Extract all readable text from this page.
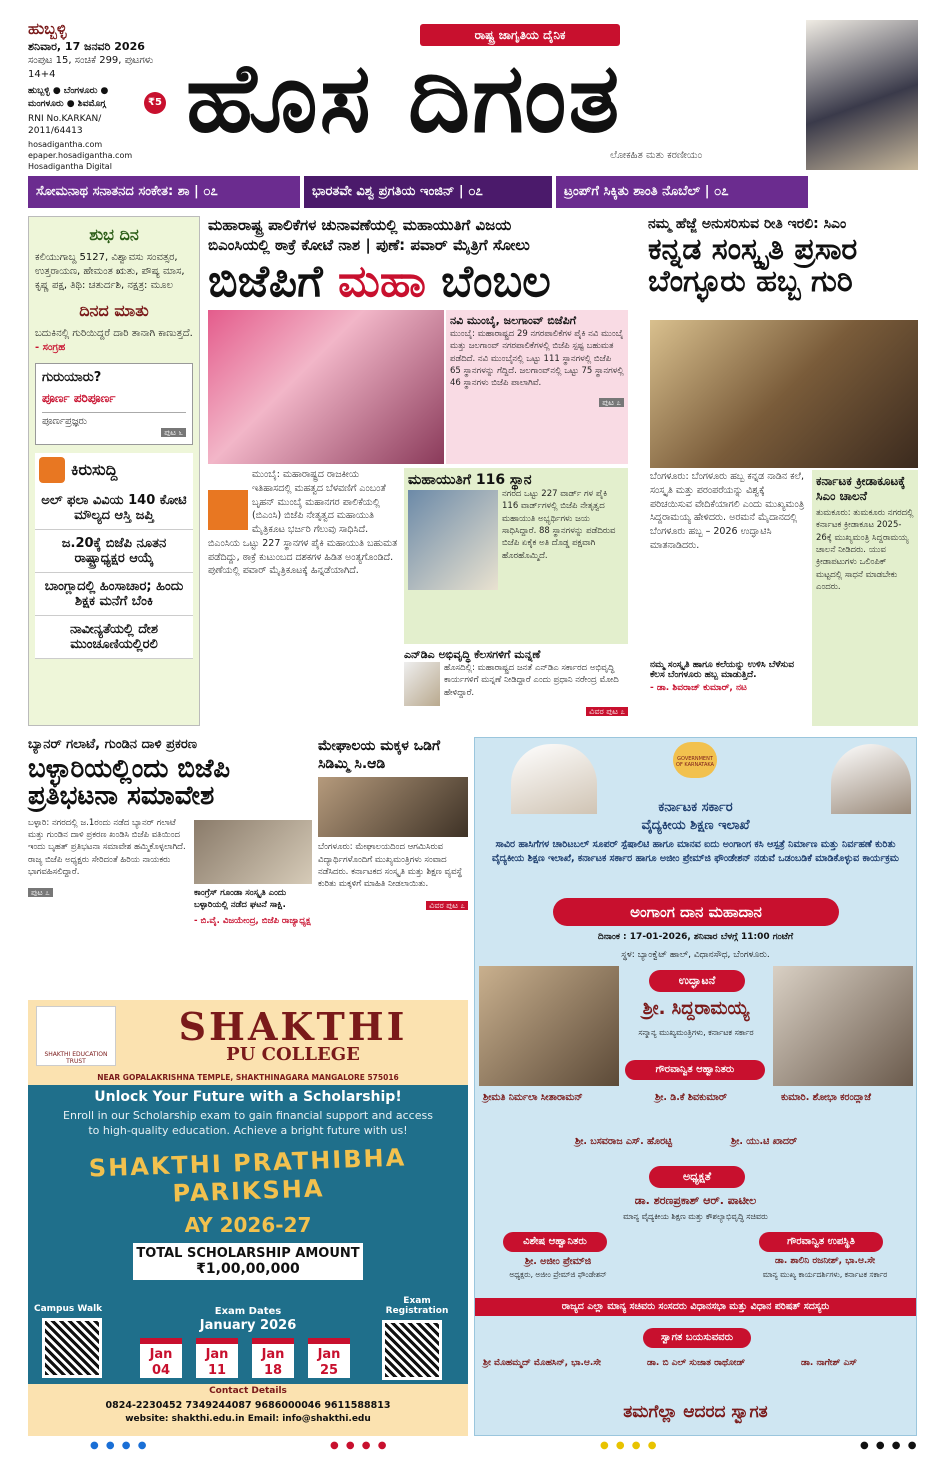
ಹುಬ್ಬಳ್ಳಿ
ಶನಿವಾರ, 17 ಜನವರಿ 2026
ಸಂಪುಟ 15, ಸಂಚಿಕೆ 299, ಪುಟಗಳು 14+4
ಹುಬ್ಬಳ್ಳಿ ● ಬೆಂಗಳೂರು ● ಮಂಗಳೂರು ● ಶಿವಮೊಗ್ಗ
RNI No.KARKAN/ 2011/64413
hosadigantha.com
epaper.hosadigantha.com
Hosadigantha Digital
₹5
ರಾಷ್ಟ್ರ ಜಾಗೃತಿಯ ದೈನಿಕ
ಹೊಸ ದಿಗತ
ಲೋಕಹಿತ ಮತು ಕರಣೀಯಂ
ಸೋಮನಾಥ ಸನಾತನದ ಸಂಕೇತ: ಶಾ | ೦೭	ಭಾರತವೇ ವಿಶ್ವ ಪ್ರಗತಿಯ ಇಂಜಿನ್ | ೦೭	ಟ್ರಂಪ್‌ಗೆ ಸಿಕ್ಕಿತು ಶಾಂತಿ ನೊಬೆಲ್ | ೦೭
ಶುಭ ದಿನ

ಕಲಿಯುಗಾಬ್ದ 5127, ವಿಶ್ವಾವಸು ಸಂವತ್ಸರ, ಉತ್ತರಾಯಣ, ಹೇಮಂತ ಋತು, ಪೌಷ್ಯ ಮಾಸ, ಕೃಷ್ಣ ಪಕ್ಷ, ತಿಥಿ: ಚತುರ್ದಶಿ, ನಕ್ಷತ್ರ: ಮೂಲ

ದಿನದ ಮಾತು

ಬದುಕಿನಲ್ಲಿ ಗುರಿಯಿದ್ದರೆ ದಾರಿ ತಾನಾಗಿ ಕಾಣುತ್ತದೆ.

- ಸಂಗ್ರಹ

ಗುರುಯಾರು?
ಪೂರ್ಣ ಪರಿಪೂರ್ಣ
ಪೂರ್ಣಪ್ರಜ್ಞರು
ಪುಟ ೬
ಕಿರುಸುದ್ದಿ
ಅಲ್ ಫಲಾ ವಿವಿಯ 140 ಕೋಟಿ ಮೌಲ್ಯದ ಆಸ್ತಿ ಜಪ್ತಿ
ಜ.20ಕ್ಕೆ ಬಿಜೆಪಿ ನೂತನ ರಾಷ್ಟ್ರಾಧ್ಯಕ್ಷರ ಆಯ್ಕೆ
ಬಾಂಗ್ಲಾದಲ್ಲಿ ಹಿಂಸಾಚಾರ; ಹಿಂದು ಶಿಕ್ಷಕ ಮನೆಗೆ ಬೆಂಕಿ
ನಾವೀನ್ಯತೆಯಲ್ಲಿ ದೇಶ ಮುಂಚೂಣಿಯಲ್ಲಿರಲಿ
ಮಹಾರಾಷ್ಟ್ರ ಪಾಲಿಕೆಗಳ ಚುನಾವಣೆಯಲ್ಲಿ ಮಹಾಯುತಿಗೆ ವಿಜಯ
ಬಿಎಂಸಿಯಲ್ಲಿ ಠಾಕ್ರೆ ಕೋಟೆ ನಾಶ | ಪುಣೆ: ಪವಾರ್ ಮೈತ್ರಿಗೆ ಸೋಲು
ಬಿಜೆಪಿಗೆ ಮಹಾ ಬೆಂಬಲ
ನವಿ ಮುಂಬೈ, ಜಲಗಾಂವ್ ಬಿಜೆಪಿಗೆ
ಮುಂಬೈ: ಮಹಾರಾಷ್ಟ್ರದ 29 ನಗರಪಾಲಿಕೆಗಳ ಪೈಕಿ ನವಿ ಮುಂಬೈ ಮತ್ತು ಜಲಗಾಂವ್ ನಗರಪಾಲಿಕೆಗಳಲ್ಲಿ ಬಿಜೆಪಿ ಸ್ಪಷ್ಟ ಬಹುಮತ ಪಡೆದಿದೆ. ನವಿ ಮುಂಬೈನಲ್ಲಿ ಒಟ್ಟು 111 ಸ್ಥಾನಗಳಲ್ಲಿ ಬಿಜೆಪಿ 65 ಸ್ಥಾನಗಳನ್ನು ಗೆದ್ದಿದೆ. ಜಲಗಾಂವ್‌ನಲ್ಲಿ ಒಟ್ಟು 75 ಸ್ಥಾನಗಳಲ್ಲಿ 46 ಸ್ಥಾನಗಳು ಬಿಜೆಪಿ ಪಾಲಾಗಿವೆ.
ಪುಟ ೭
ಮುಂಬೈ: ಮಹಾರಾಷ್ಟ್ರದ ರಾಜಕೀಯ ಇತಿಹಾಸದಲ್ಲಿ ಮಹತ್ವದ ಬೆಳವಣಿಗೆ ಎಂಬಂತೆ ಬೃಹನ್ ಮುಂಬೈ ಮಹಾನಗರ ಪಾಲಿಕೆಯಲ್ಲಿ (ಬಿಎಂಸಿ) ಬಿಜೆಪಿ ನೇತೃತ್ವದ ಮಹಾಯುತಿ ಮೈತ್ರಿಕೂಟ ಭರ್ಜರಿ ಗೆಲುವು ಸಾಧಿಸಿದೆ. ಬಿಎಂಸಿಯ ಒಟ್ಟು 227 ಸ್ಥಾನಗಳ ಪೈಕಿ ಮಹಾಯುತಿ ಬಹುಮತ ಪಡೆದಿದ್ದು, ಠಾಕ್ರೆ ಕುಟುಂಬದ ದಶಕಗಳ ಹಿಡಿತ ಅಂತ್ಯಗೊಂಡಿದೆ. ಪುಣೆಯಲ್ಲಿ ಪವಾರ್ ಮೈತ್ರಿಕೂಟಕ್ಕೆ ಹಿನ್ನಡೆಯಾಗಿದೆ.
ಮಹಾಯುತಿಗೆ 116 ಸ್ಥಾನ
ನಗರದ ಒಟ್ಟು 227 ವಾರ್ಡ್ ಗಳ ಪೈಕಿ 116 ವಾರ್ಡ್‌ಗಳಲ್ಲಿ ಬಿಜೆಪಿ ನೇತೃತ್ವದ ಮಹಾಯುತಿ ಅಭ್ಯರ್ಥಿಗಳು ಜಯ ಸಾಧಿಸಿದ್ದಾರೆ. 88 ಸ್ಥಾನಗಳನ್ನು ಪಡೆದಿರುವ ಬಿಜೆಪಿ ಏಕೈಕ ಅತಿ ದೊಡ್ಡ ಪಕ್ಷವಾಗಿ ಹೊರಹೊಮ್ಮಿದೆ.
ಎನ್‌ಡಿಎ ಅಭಿವೃದ್ಧಿ ಕೆಲಸಗಳಿಗೆ ಮನ್ನಣೆ
ಹೊಸದಿಲ್ಲಿ: ಮಹಾರಾಷ್ಟ್ರದ ಜನತೆ ಎನ್‌ಡಿಎ ಸರ್ಕಾರದ ಅಭಿವೃದ್ಧಿ ಕಾರ್ಯಗಳಿಗೆ ಮನ್ನಣೆ ನೀಡಿದ್ದಾರೆ ಎಂದು ಪ್ರಧಾನಿ ನರೇಂದ್ರ ಮೋದಿ ಹೇಳಿದ್ದಾರೆ.
ವಿವರ ಪುಟ ೭
ನಮ್ಮ ಹೆಜ್ಜೆ ಅನುಸರಿಸುವ ರೀತಿ ಇರಲಿ: ಸಿಎಂ
ಕನ್ನಡ ಸಂಸ್ಕೃತಿ ಪ್ರಸಾರ
ಬೆಂಗ್ಳೂರು ಹಬ್ಬ ಗುರಿ
ಬೆಂಗಳೂರು: ಬೆಂಗಳೂರು ಹಬ್ಬ ಕನ್ನಡ ನಾಡಿನ ಕಲೆ, ಸಂಸ್ಕೃತಿ ಮತ್ತು ಪರಂಪರೆಯನ್ನು ವಿಶ್ವಕ್ಕೆ ಪರಿಚಯಿಸುವ ವೇದಿಕೆಯಾಗಲಿ ಎಂದು ಮುಖ್ಯಮಂತ್ರಿ ಸಿದ್ದರಾಮಯ್ಯ ಹೇಳಿದರು. ಅರಮನೆ ಮೈದಾನದಲ್ಲಿ ಬೆಂಗಳೂರು ಹಬ್ಬ – 2026 ಉದ್ಘಾಟಿಸಿ ಮಾತನಾಡಿದರು.
ನಮ್ಮ ಸಂಸ್ಕೃತಿ ಹಾಗೂ ಕಲೆಯನ್ನು ಉಳಿಸಿ ಬೆಳೆಸುವ ಕೆಲಸ ಬೆಂಗಳೂರು ಹಬ್ಬ ಮಾಡುತ್ತಿದೆ.
- ಡಾ. ಶಿವರಾಜ್ ಕುಮಾರ್, ನಟ
ಕರ್ನಾಟಕ ಕ್ರೀಡಾಕೂಟಕ್ಕೆ ಸಿಎಂ ಚಾಲನೆ
ತುಮಕೂರು: ತುಮಕೂರು ನಗರದಲ್ಲಿ ಕರ್ನಾಟಕ ಕ್ರೀಡಾಕೂಟ 2025-26ಕ್ಕೆ ಮುಖ್ಯಮಂತ್ರಿ ಸಿದ್ದರಾಮಯ್ಯ ಚಾಲನೆ ನೀಡಿದರು. ಯುವ ಕ್ರೀಡಾಪಟುಗಳು ಒಲಿಂಪಿಕ್ ಮಟ್ಟದಲ್ಲಿ ಸಾಧನೆ ಮಾಡಬೇಕು ಎಂದರು.
ಬ್ಯಾನರ್ ಗಲಾಟೆ, ಗುಂಡಿನ ದಾಳಿ ಪ್ರಕರಣ
ಬಳ್ಳಾರಿಯಲ್ಲಿಂದು ಬಿಜೆಪಿ ಪ್ರತಿಭಟನಾ ಸಮಾವೇಶ
ಬಳ್ಳಾರಿ: ನಗರದಲ್ಲಿ ಜ.1ರಂದು ನಡೆದ ಬ್ಯಾನರ್ ಗಲಾಟೆ ಮತ್ತು ಗುಂಡಿನ ದಾಳಿ ಪ್ರಕರಣ ಖಂಡಿಸಿ ಬಿಜೆಪಿ ವತಿಯಿಂದ ಇಂದು ಬೃಹತ್ ಪ್ರತಿಭಟನಾ ಸಮಾವೇಶ ಹಮ್ಮಿಕೊಳ್ಳಲಾಗಿದೆ. ರಾಜ್ಯ ಬಿಜೆಪಿ ಅಧ್ಯಕ್ಷರು ಸೇರಿದಂತೆ ಹಿರಿಯ ನಾಯಕರು ಭಾಗವಹಿಸಲಿದ್ದಾರೆ.
ಪುಟ ೭	ಕಾಂಗ್ರೆಸ್ ಗೂಂಡಾ ಸಂಸ್ಕೃತಿ ಎಂದು ಬಳ್ಳಾರಿಯಲ್ಲಿ ನಡೆದ ಘಟನೆ ಸಾಕ್ಷಿ.
- ಬಿ.ವೈ. ವಿಜಯೇಂದ್ರ, ಬಿಜೆಪಿ ರಾಜ್ಯಾಧ್ಯಕ್ಷ
ಮೇಘಾಲಯ ಮಕ್ಕಳ ಒಡಿಗೆ ಸಿಡಿಮ್ಮಿ ಸಿ.ಆಡಿ
ಬೆಂಗಳೂರು: ಮೇಘಾಲಯದಿಂದ ಆಗಮಿಸಿರುವ ವಿದ್ಯಾರ್ಥಿಗಳೊಂದಿಗೆ ಮುಖ್ಯಮಂತ್ರಿಗಳು ಸಂವಾದ ನಡೆಸಿದರು. ಕರ್ನಾಟಕದ ಸಂಸ್ಕೃತಿ ಮತ್ತು ಶಿಕ್ಷಣ ವ್ಯವಸ್ಥೆ ಕುರಿತು ಮಕ್ಕಳಿಗೆ ಮಾಹಿತಿ ನೀಡಲಾಯಿತು.
ವಿವರ ಪುಟ ೭
GOVERNMENT OF KARNATAKA
ಕರ್ನಾಟಕ ಸರ್ಕಾರ
ವೈದ್ಯಕೀಯ ಶಿಕ್ಷಣ ಇಲಾಖೆ
ಸಾವಿರ ಹಾಸಿಗೆಗಳ ಚಾರಿಟಬಲ್ ಸೂಪರ್ ಸ್ಪೆಷಾಲಿಟಿ ಹಾಗೂ ಮಾನವ ಐದು ಅಂಗಾಂಗ ಕಸಿ ಆಸ್ಪತ್ರೆ ನಿರ್ಮಾಣ ಮತ್ತು ನಿರ್ವಹಣೆ ಕುರಿತು ವೈದ್ಯಕೀಯ ಶಿಕ್ಷಣ ಇಲಾಖೆ, ಕರ್ನಾಟಕ ಸರ್ಕಾರ ಹಾಗೂ ಅಜೀಂ ಪ್ರೇಮ್‌ಜಿ ಫೌಂಡೇಶನ್ ನಡುವೆ ಒಡಂಬಡಿಕೆ ಮಾಡಿಕೊಳ್ಳುವ ಕಾರ್ಯಕ್ರಮ
ಅಂಗಾಂಗ ದಾನ ಮಹಾದಾನ
ದಿನಾಂಕ : 17-01-2026, ಶನಿವಾರ ಬೆಳಗ್ಗೆ 11:00 ಗಂಟೆಗೆ
ಸ್ಥಳ: ಬ್ಯಾಂಕ್ವೆಟ್ ಹಾಲ್, ವಿಧಾನಸೌಧ, ಬೆಂಗಳೂರು.
ಉದ್ಘಾಟನೆ
ಶ್ರೀ. ಸಿದ್ದರಾಮಯ್ಯ
ಸನ್ಮಾನ್ಯ ಮುಖ್ಯಮಂತ್ರಿಗಳು, ಕರ್ನಾಟಕ ಸರ್ಕಾರ
ಗೌರವಾನ್ವಿತ ಆಹ್ವಾನಿತರು
ಶ್ರೀಮತಿ ನಿರ್ಮಲಾ ಸೀತಾರಾಮನ್	ಶ್ರೀ. ಡಿ.ಕೆ ಶಿವಕುಮಾರ್	ಕುಮಾರಿ. ಶೋಭಾ ಕರಂದ್ಲಾಜೆ
ಶ್ರೀ. ಬಸವರಾಜ ಎಸ್. ಹೊರಟ್ಟಿ	ಶ್ರೀ. ಯು.ಟಿ ಖಾದರ್
ಅಧ್ಯಕ್ಷತೆ
ಡಾ. ಶರಣಪ್ರಕಾಶ್ ಆರ್. ಪಾಟೀಲ
ಮಾನ್ಯ ವೈದ್ಯಕೀಯ ಶಿಕ್ಷಣ ಮತ್ತು ಕೌಶಲ್ಯಾಭಿವೃದ್ಧಿ ಸಚಿವರು
ವಿಶೇಷ ಆಹ್ವಾನಿತರು
ಶ್ರೀ. ಅಜೀಂ ಪ್ರೇಮ್‌ಜಿ
ಅಧ್ಯಕ್ಷರು, ಅಜೀಂ ಪ್ರೇಮ್‌ಜಿ ಫೌಂಡೇಶನ್
ಗೌರವಾನ್ವಿತ ಉಪಸ್ಥಿತಿ
ಡಾ. ಶಾಲಿನಿ ರಜನೀಶ್, ಭಾ.ಆ.ಸೇ
ಮಾನ್ಯ ಮುಖ್ಯ ಕಾರ್ಯದರ್ಶಿಗಳು, ಕರ್ನಾಟಕ ಸರ್ಕಾರ
ರಾಜ್ಯದ ಎಲ್ಲಾ ಮಾನ್ಯ ಸಚಿವರು ಸಂಸದರು ವಿಧಾನಸಭಾ ಮತ್ತು ವಿಧಾನ ಪರಿಷತ್ ಸದಸ್ಯರು
ಸ್ವಾಗತ ಬಯಸುವವರು
ಶ್ರೀ ಮೊಹಮ್ಮದ್ ಮೊಹಸಿನ್, ಭಾ.ಆ.ಸೇ	ಡಾ. ಬಿ ಎಲ್ ಸುಜಾತ ರಾಥೋಡ್	ಡಾ. ನಾಗೇಶ್ ಎಸ್
ತಮಗೆಲ್ಲಾ ಆದರದ ಸ್ವಾಗತ
SHAKTHI EDUCATION TRUST
SHAKTHI
PU COLLEGE
NEAR GOPALAKRISHNA TEMPLE, SHAKTHINAGARA MANGALORE 575016
Unlock Your Future with a Scholarship!
Enroll in our Scholarship exam to gain financial support and access to high-quality education. Achieve a bright future with us!
SHAKTHI PRATHIBHA PARIKSHA
AY 2026-27
TOTAL SCHOLARSHIP AMOUNT
₹1,00,00,000
Campus Walk	Exam Dates
January 2026
Jan
04
Jan
11
Jan
18
Jan
25
Exam Registration
Contact Details
0824-2230452 7349244087 9686000046 9611588813
website: shakthi.edu.in Email: info@shakthi.edu
● ● ● ●	● ● ● ●	● ● ● ●	● ● ● ●
